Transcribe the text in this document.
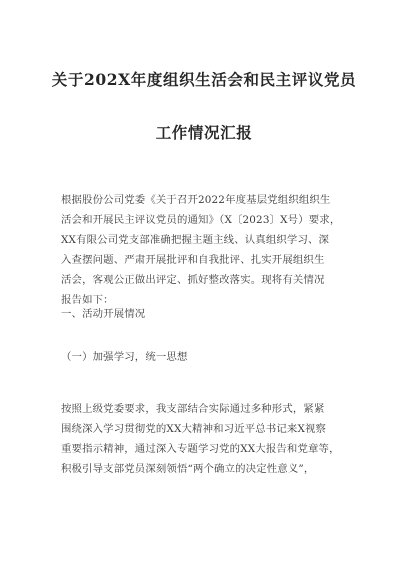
关于202X年度组织生活会和民主评议党员
工作情况汇报
根据股份公司党委《关于召开2022年度基层党组织组织生
活会和开展民主评议党员的通知》（X〔2023〕X号）要求，
XX有限公司党支部准确把握主题主线、认真组织学习、深
入查摆问题、严肃开展批评和自我批评、扎实开展组织生
活会，客观公正做出评定、抓好整改落实。现将有关情况
报告如下：
一、活动开展情况
（一）加强学习，统一思想
按照上级党委要求，我支部结合实际通过多种形式，紧紧
围绕深入学习贯彻党的XX大精神和习近平总书记来X视察
重要指示精神，通过深入专题学习党的XX大报告和党章等，
积极引导支部党员深刻领悟“两个确立的决定性意义”，
